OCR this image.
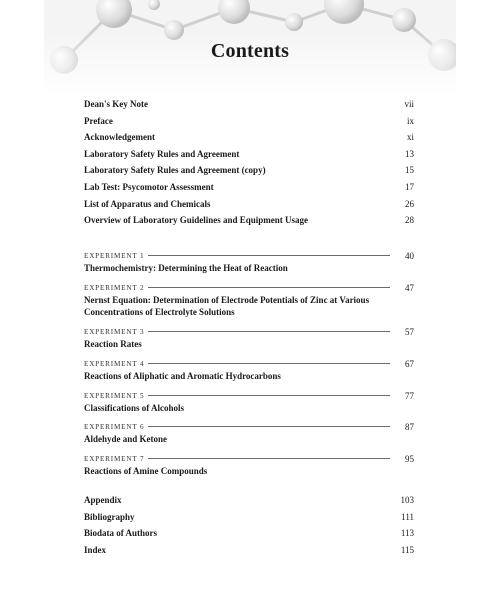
Contents
Dean's Key Note	vii
Preface	ix
Acknowledgement	xi
Laboratory Safety Rules and Agreement	13
Laboratory Safety Rules and Agreement (copy)	15
Lab Test: Psycomotor Assessment	17
List of Apparatus and Chemicals	26
Overview of Laboratory Guidelines and Equipment Usage	28
EXPERIMENT 1	40
Thermochemistry: Determining the Heat of Reaction
EXPERIMENT 2	47
Nernst Equation: Determination of Electrode Potentials of Zinc at Various Concentrations of Electrolyte Solutions
EXPERIMENT 3	57
Reaction Rates
EXPERIMENT 4	67
Reactions of Aliphatic and Aromatic Hydrocarbons
EXPERIMENT 5	77
Classifications of Alcohols
EXPERIMENT 6	87
Aldehyde and Ketone
EXPERIMENT 7	95
Reactions of Amine Compounds
Appendix	103
Bibliography	111
Biodata of Authors	113
Index	115
